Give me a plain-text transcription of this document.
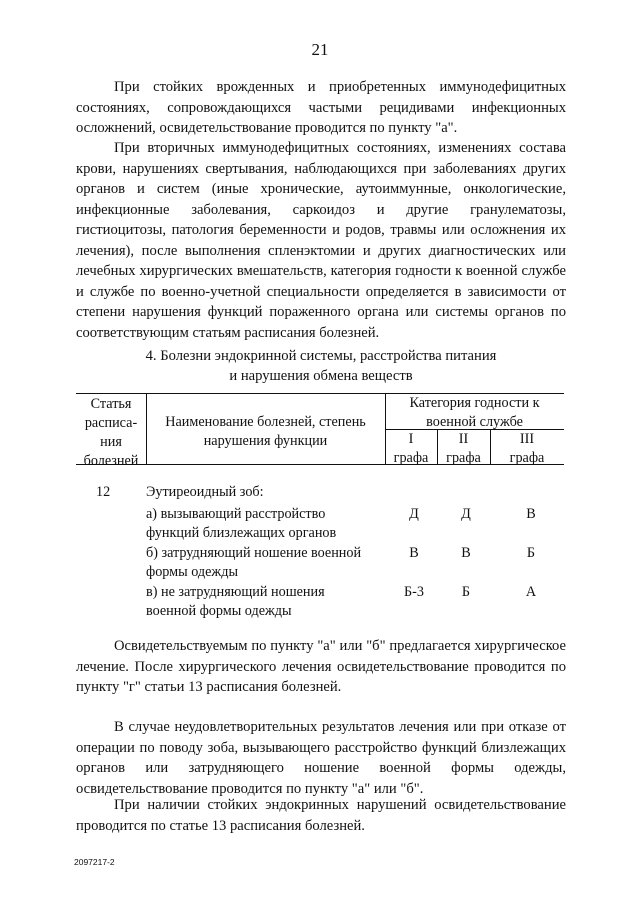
21

При стойких врожденных и приобретенных иммунодефицитных состояниях, сопровождающихся частыми рецидивами инфекционных осложнений, освидетельствование проводится по пункту "а".

При вторичных иммунодефицитных состояниях, изменениях состава крови, нарушениях свертывания, наблюдающихся при заболеваниях других органов и систем (иные хронические, аутоиммунные, онкологические, инфекционные заболевания, саркоидоз и другие гранулематозы, гистиоцитозы, патология беременности и родов, травмы или осложнения их лечения), после выполнения спленэктомии и других диагностических или лечебных хирургических вмешательств, категория годности к военной службе и службе по военно-учетной специальности определяется в зависимости от степени нарушения функций пораженного органа или системы органов по соответствующим статьям расписания болезней.

4. Болезни эндокринной системы, расстройства питания
и нарушения обмена веществ
Статья
расписа-
ния
болезней
Наименование болезней, степень
нарушения функции
Категория годности к
военной службе
I
графа
II
графа
III
графа
12	Эутиреоидный зоб:
а) вызывающий расстройство
функций близлежащих органов
Д	Д	В
б) затрудняющий ношение военной
формы одежды
В	В	Б
в) не затрудняющий ношения
военной формы одежды
Б-3	Б	А

Освидетельствуемым по пункту "а" или "б" предлагается хирургическое лечение. После хирургического лечения освидетельствование проводится по пункту "г" статьи 13 расписания болезней.

В случае неудовлетворительных результатов лечения или при отказе от операции по поводу зоба, вызывающего расстройство функций близлежащих органов или затрудняющего ношение военной формы одежды, освидетельствование проводится по пункту "а" или "б".

При наличии стойких эндокринных нарушений освидетельствование проводится по статье 13 расписания болезней.

2097217-2
